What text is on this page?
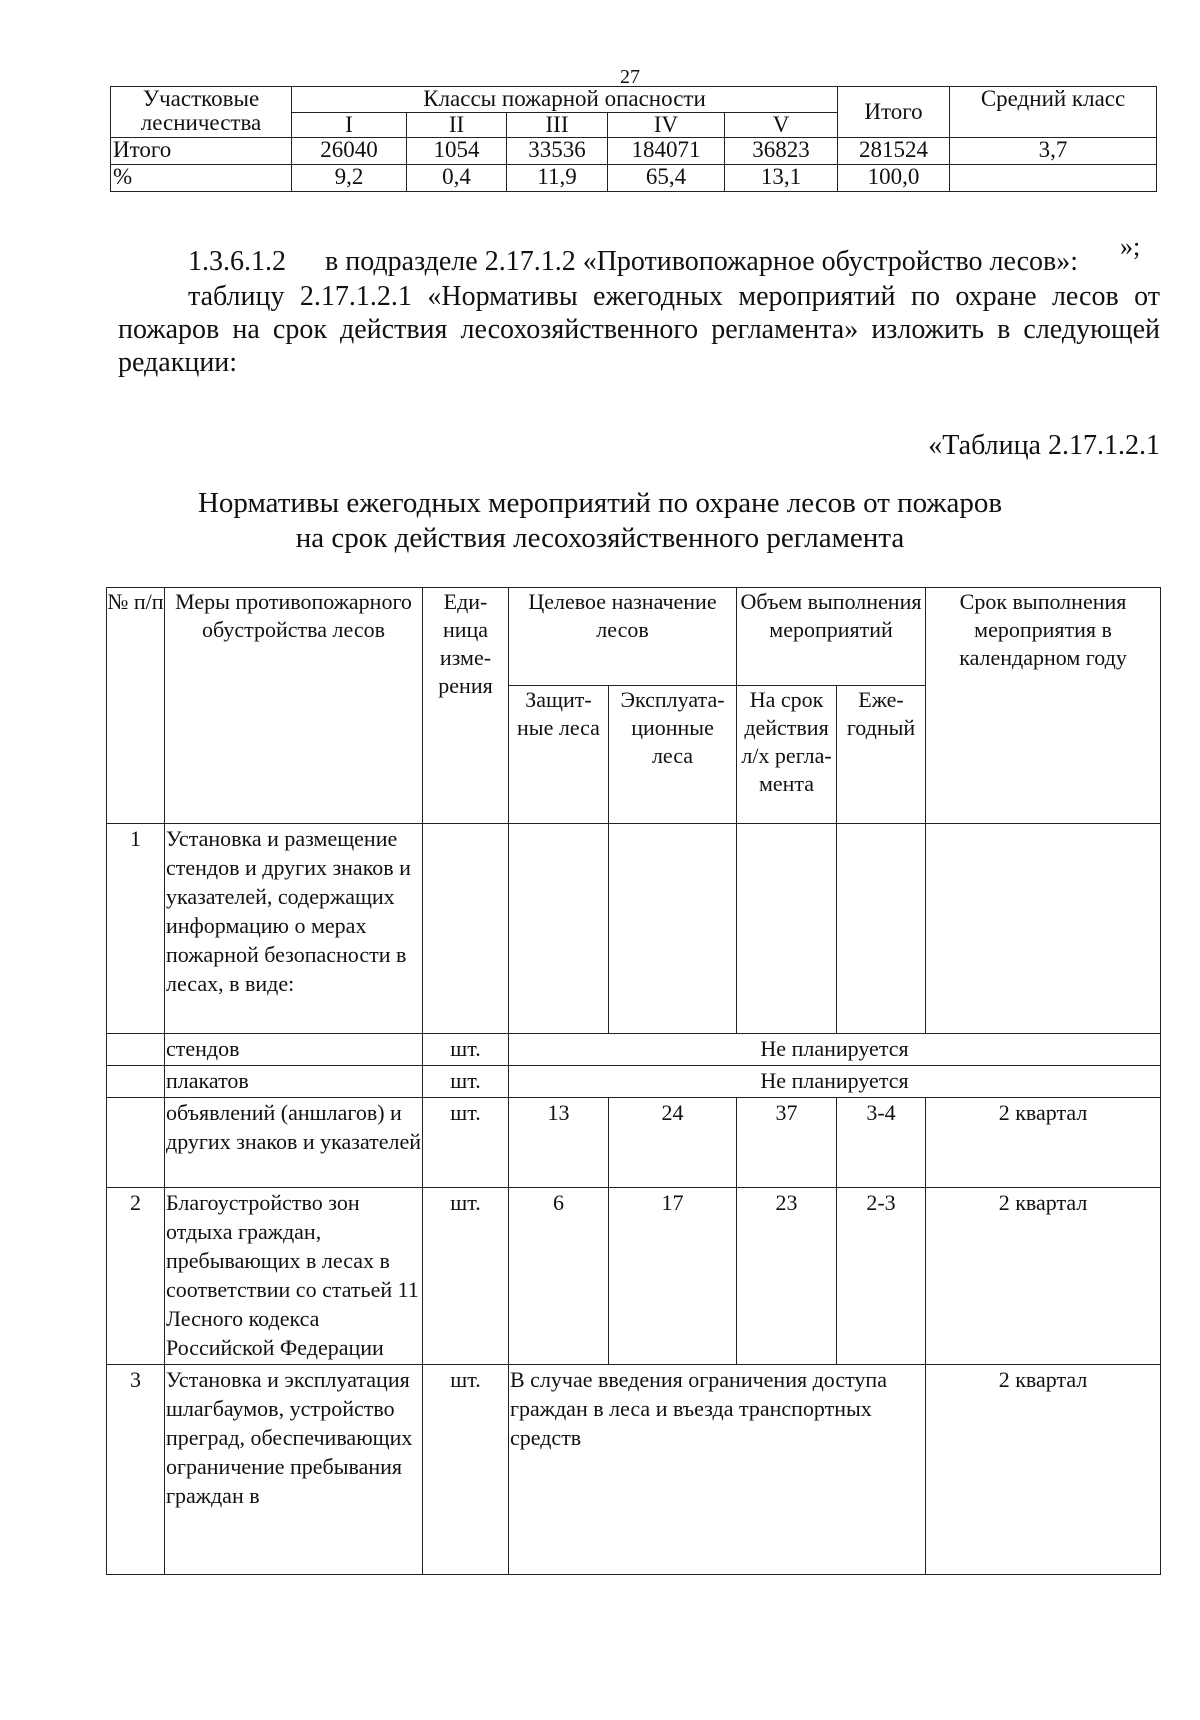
27
Участковые лесничества	Классы пожарной опасности					Итого	Средний класс
	I	II	III	IV	V		
Итого	26040	1054	33536	184071	36823	281524	3,7
%	9,2	0,4	11,9	65,4	13,1	100,0	
»;
1.3.6.1.2 в подразделе 2.17.1.2 «Противопожарное обустройство лесов»:
таблицу 2.17.1.2.1 «Нормативы ежегодных мероприятий по охране лесов от пожаров на срок действия лесохозяйственного регламента» изложить в следующей редакции:
«Таблица 2.17.1.2.1
Нормативы ежегодных мероприятий по охране лесов от пожаров
на срок действия лесохозяйственного регламента
№ п/п	Меры противопожарного обустройства лесов	Еди-ница изме-рения	Целевое назначение лесов		Объем выполнения мероприятий		Срок выполнения мероприятия в календарном году
			Защит-ные леса	Эксплуата-ционные леса	На срок действия л/х регла-мента	Еже-годный	
1	Установка и размещение стендов и других знаков и указателей, содержащих информацию о мерах пожарной безопасности в лесах, в виде:						
	стендов	шт.	Не планируется				
	плакатов	шт.	Не планируется				
	объявлений (аншлагов) и других знаков и указателей	шт.	13	24	37	3-4	2 квартал
2	Благоустройство зон отдыха граждан, пребывающих в лесах в соответствии со статьей 11 Лесного кодекса Российской Федерации	шт.	6	17	23	2-3	2 квартал
3	Установка и эксплуатация шлагбаумов, устройство преград, обеспечивающих ограничение пребывания граждан в	шт.	В случае введения ограничения доступа граждан в леса и въезда транспортных средств				2 квартал
